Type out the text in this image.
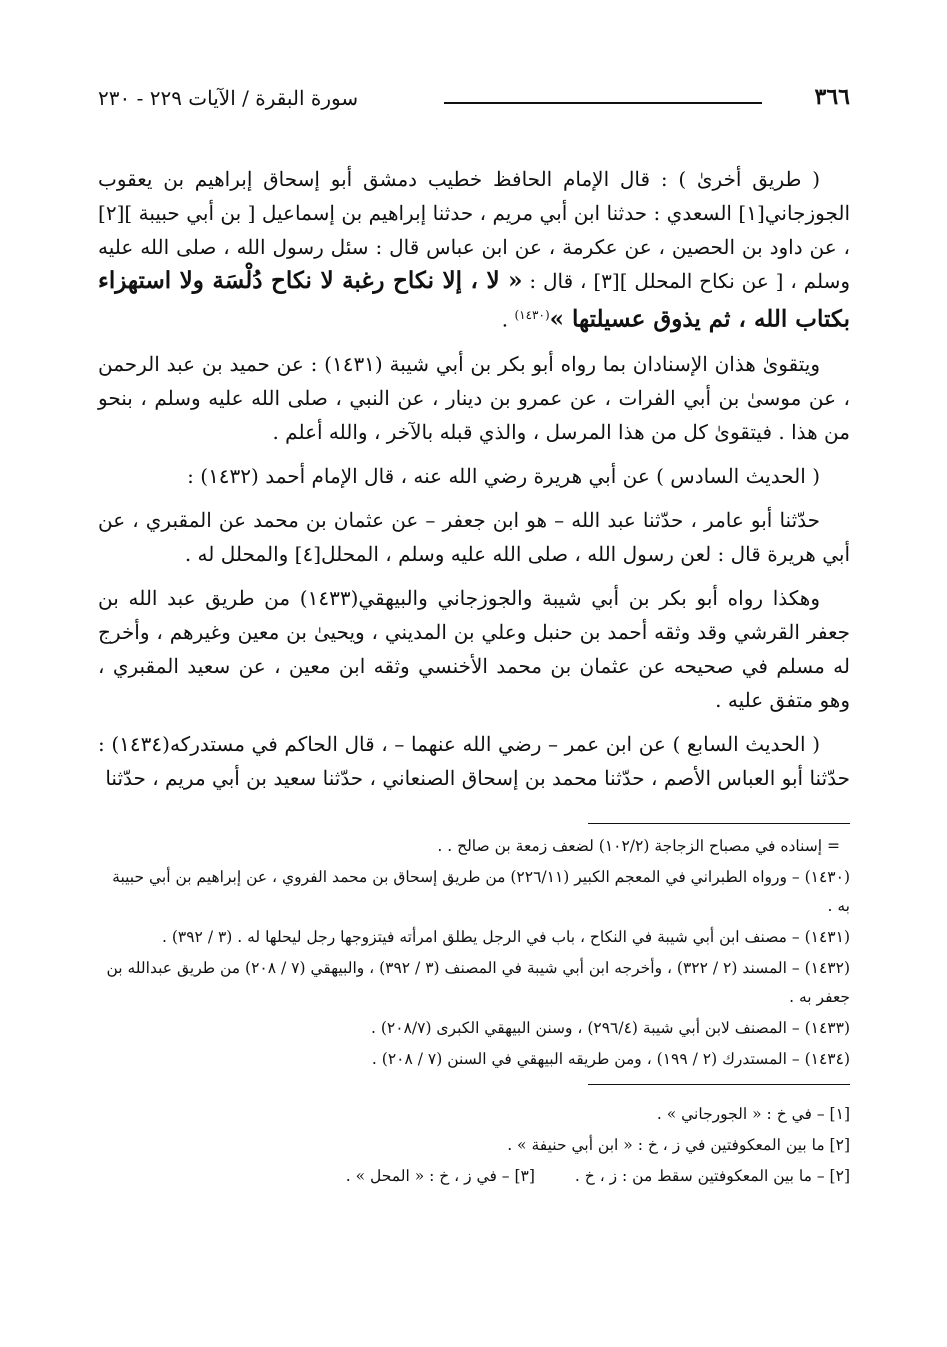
٣٦٦
سورة البقرة / الآيات ٢٢٩ - ٢٣٠

( طريق أخرىٰ ) : قال الإمام الحافظ خطيب دمشق أبو إسحاق إبراهيم بن يعقوب الجوزجاني[١] السعدي : حدثنا ابن أبي مريم ، حدثنا إبراهيم بن إسماعيل [ بن أبي حبيبة ][٢] ، عن داود بن الحصين ، عن عكرمة ، عن ابن عباس قال : سئل رسول الله ، صلى الله عليه وسلم ، [ عن نكاح المحلل ][٣] ، قال : « لا ، إلا نكاح رغبة لا نكاح دُلْسَة ولا استهزاء بكتاب الله ، ثم يذوق عسيلتها »$^{(١٤٣٠)}$ .

ويتقوىٰ هذان الإسنادان بما رواه أبو بكر بن أبي شيبة (١٤٣١) : عن حميد بن عبد الرحمن ، عن موسىٰ بن أبي الفرات ، عن عمرو بن دينار ، عن النبي ، صلى الله عليه وسلم ، بنحو من هذا . فيتقوىٰ كل من هذا المرسل ، والذي قبله بالآخر ، والله أعلم .

( الحديث السادس ) عن أبي هريرة رضي الله عنه ، قال الإمام أحمد (١٤٣٢) :

حدّثنا أبو عامر ، حدّثنا عبد الله – هو ابن جعفر – عن عثمان بن محمد عن المقبري ، عن أبي هريرة قال : لعن رسول الله ، صلى الله عليه وسلم ، المحلل[٤] والمحلل له .

وهكذا رواه أبو بكر بن أبي شيبة والجوزجاني والبيهقي(١٤٣٣) من طريق عبد الله بن جعفر القرشي وقد وثقه أحمد بن حنبل وعلي بن المديني ، ويحيىٰ بن معين وغيرهم ، وأخرج له مسلم في صحيحه عن عثمان بن محمد الأخنسي وثقه ابن معين ، عن سعيد المقبري ، وهو متفق عليه .

( الحديث السابع ) عن ابن عمر – رضي الله عنهما – ، قال الحاكم في مستدركه(١٤٣٤) : حدّثنا أبو العباس الأصم ، حدّثنا محمد بن إسحاق الصنعاني ، حدّثنا سعيد بن أبي مريم ، حدّثنا

= إسناده في مصباح الزجاجة (١٠٢/٢) لضعف زمعة بن صالح . .

(١٤٣٠) – ورواه الطبراني في المعجم الكبير (٢٢٦/١١) من طريق إسحاق بن محمد الفروي ، عن إبراهيم بن أبي حبيبة به .

(١٤٣١) – مصنف ابن أبي شيبة في النكاح ، باب في الرجل يطلق امرأته فيتزوجها رجل ليحلها له . (٣ / ٣٩٢) .

(١٤٣٢) – المسند (٢ / ٣٢٢) ، وأخرجه ابن أبي شيبة في المصنف (٣ / ٣٩٢) ، والبيهقي (٧ / ٢٠٨) من طريق عبدالله بن جعفر به .

(١٤٣٣) – المصنف لابن أبي شيبة (٢٩٦/٤) ، وسنن البيهقي الكبرى (٢٠٨/٧) .

(١٤٣٤) – المستدرك (٢ / ١٩٩) ، ومن طريقه البيهقي في السنن (٧ / ٢٠٨) .

[١] – في خ : « الجورجاني » .

[٢] ما بين المعكوفتين في ز ، خ : « ابن أبي حنيفة » .

[٢] – ما بين المعكوفتين سقط من : ز ، خ .

[٣] – في ز ، خ : « المحل » .
